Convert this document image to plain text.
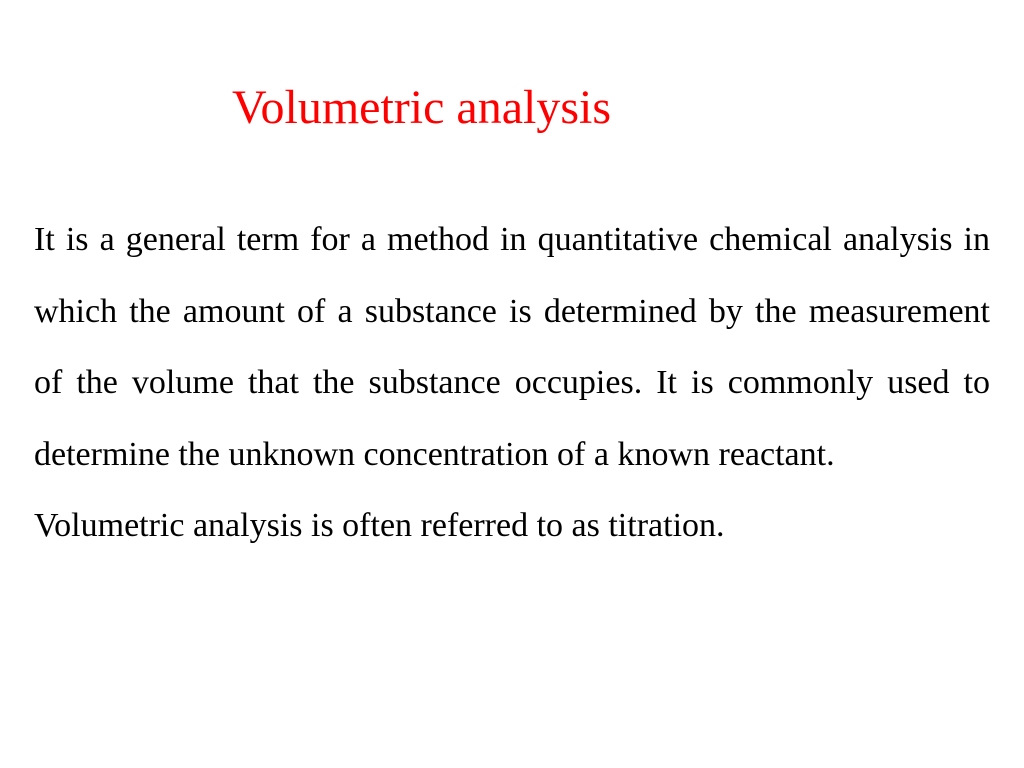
Volumetric analysis

It is a general term for a method in quantitative chemical analysis in which the amount of a substance is determined by the measurement of the volume that the substance occupies. It is commonly used to determine the unknown concentration of a known reactant.

Volumetric analysis is often referred to as titration.
